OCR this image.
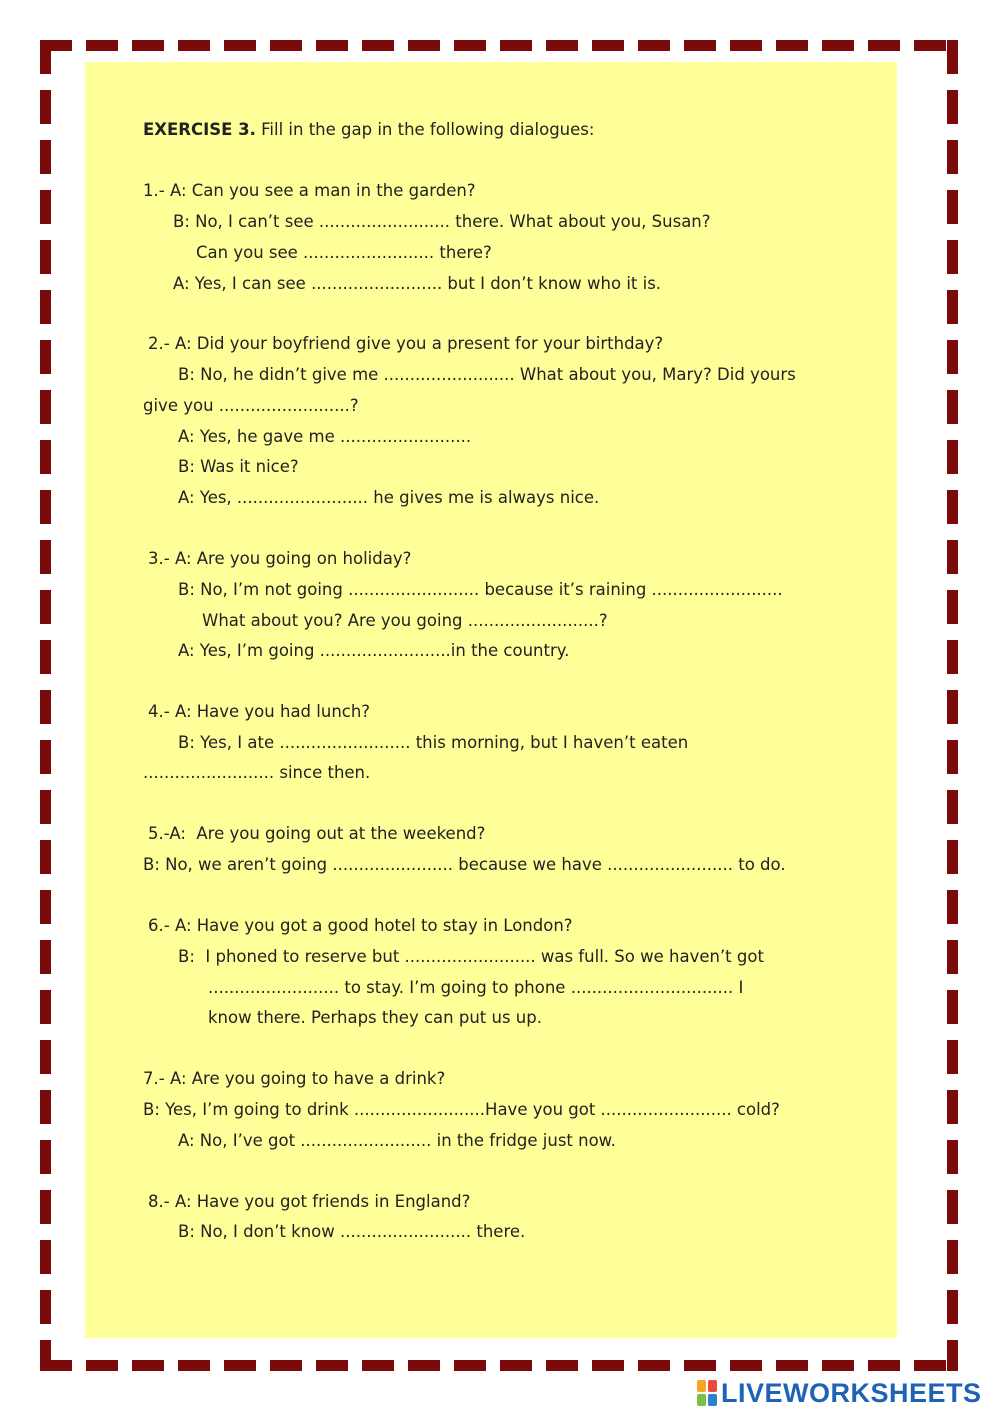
EXERCISE 3. Fill in the gap in the following dialogues:
1.- A: Can you see a man in the garden?
B: No, I can’t see ......................... there. What about you, Susan?
Can you see ......................... there?
A: Yes, I can see ......................... but I don’t know who it is.
2.- A: Did your boyfriend give you a present for your birthday?
B: No, he didn’t give me ......................... What about you, Mary? Did yours
give you .........................?
A: Yes, he gave me .........................
B: Was it nice?
A: Yes, ......................... he gives me is always nice.
3.- A: Are you going on holiday?
B: No, I’m not going ......................... because it’s raining .........................
What about you? Are you going .........................?
A: Yes, I’m going .........................in the country.
4.- A: Have you had lunch?
B: Yes, I ate ......................... this morning, but I haven’t eaten
......................... since then.
5.-A:  Are you going out at the weekend?
B: No, we aren’t going ....................... because we have ........................ to do.
6.- A: Have you got a good hotel to stay in London?
B:  I phoned to reserve but ......................... was full. So we haven’t got
......................... to stay. I’m going to phone ............................... I
know there. Perhaps they can put us up.
7.- A: Are you going to have a drink?
B: Yes, I’m going to drink .........................Have you got ......................... cold?
A: No, I’ve got ......................... in the fridge just now.
8.- A: Have you got friends in England?
B: No, I don’t know ......................... there.
LIVEWORKSHEETS
